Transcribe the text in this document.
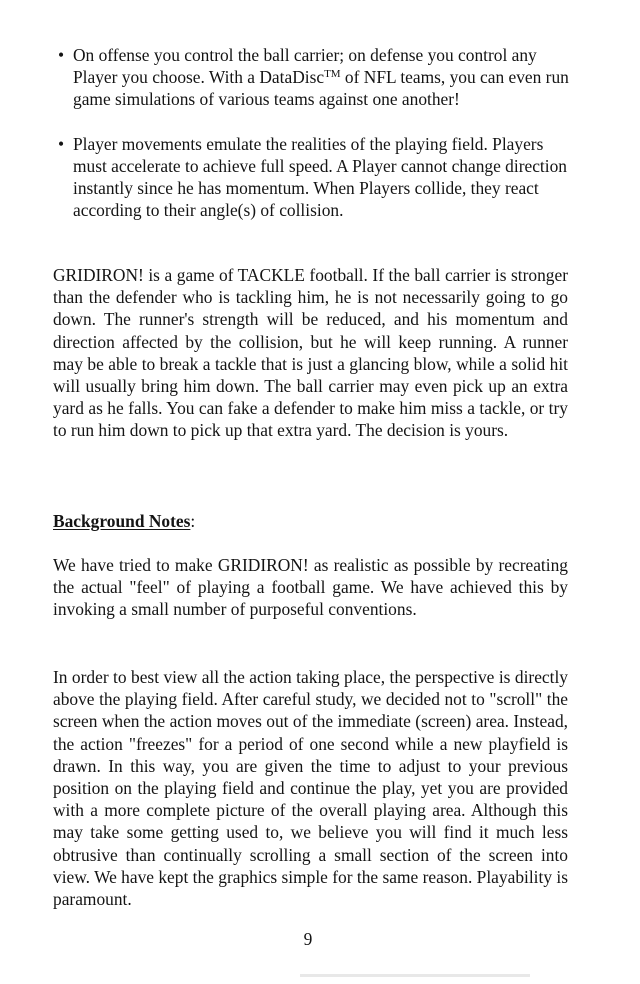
• On offense you control the ball carrier; on defense you control any Player you choose. With a DataDisc™ of NFL teams, you can even run game simulations of various teams against one another!
• Player movements emulate the realities of the playing field. Players must accelerate to achieve full speed. A Player cannot change direction instantly since he has momentum. When Players collide, they react according to their angle(s) of collision.

GRIDIRON! is a game of TACKLE football. If the ball carrier is stronger than the defender who is tackling him, he is not necessarily going to go down. The runner's strength will be reduced, and his momentum and direction affected by the collision, but he will keep running. A runner may be able to break a tackle that is just a glancing blow, while a solid hit will usually bring him down. The ball carrier may even pick up an extra yard as he falls. You can fake a defender to make him miss a tackle, or try to run him down to pick up that extra yard. The decision is yours.

Background Notes:

We have tried to make GRIDIRON! as realistic as possible by recreating the actual "feel" of playing a football game. We have achieved this by invoking a small number of purposeful conventions.

In order to best view all the action taking place, the perspective is directly above the playing field. After careful study, we decided not to "scroll" the screen when the action moves out of the immediate (screen) area. Instead, the action "freezes" for a period of one second while a new playfield is drawn. In this way, you are given the time to adjust to your previous position on the playing field and continue the play, yet you are provided with a more complete picture of the overall playing area. Although this may take some getting used to, we believe you will find it much less obtrusive than continually scrolling a small section of the screen into view. We have kept the graphics simple for the same reason. Playability is paramount.

9
